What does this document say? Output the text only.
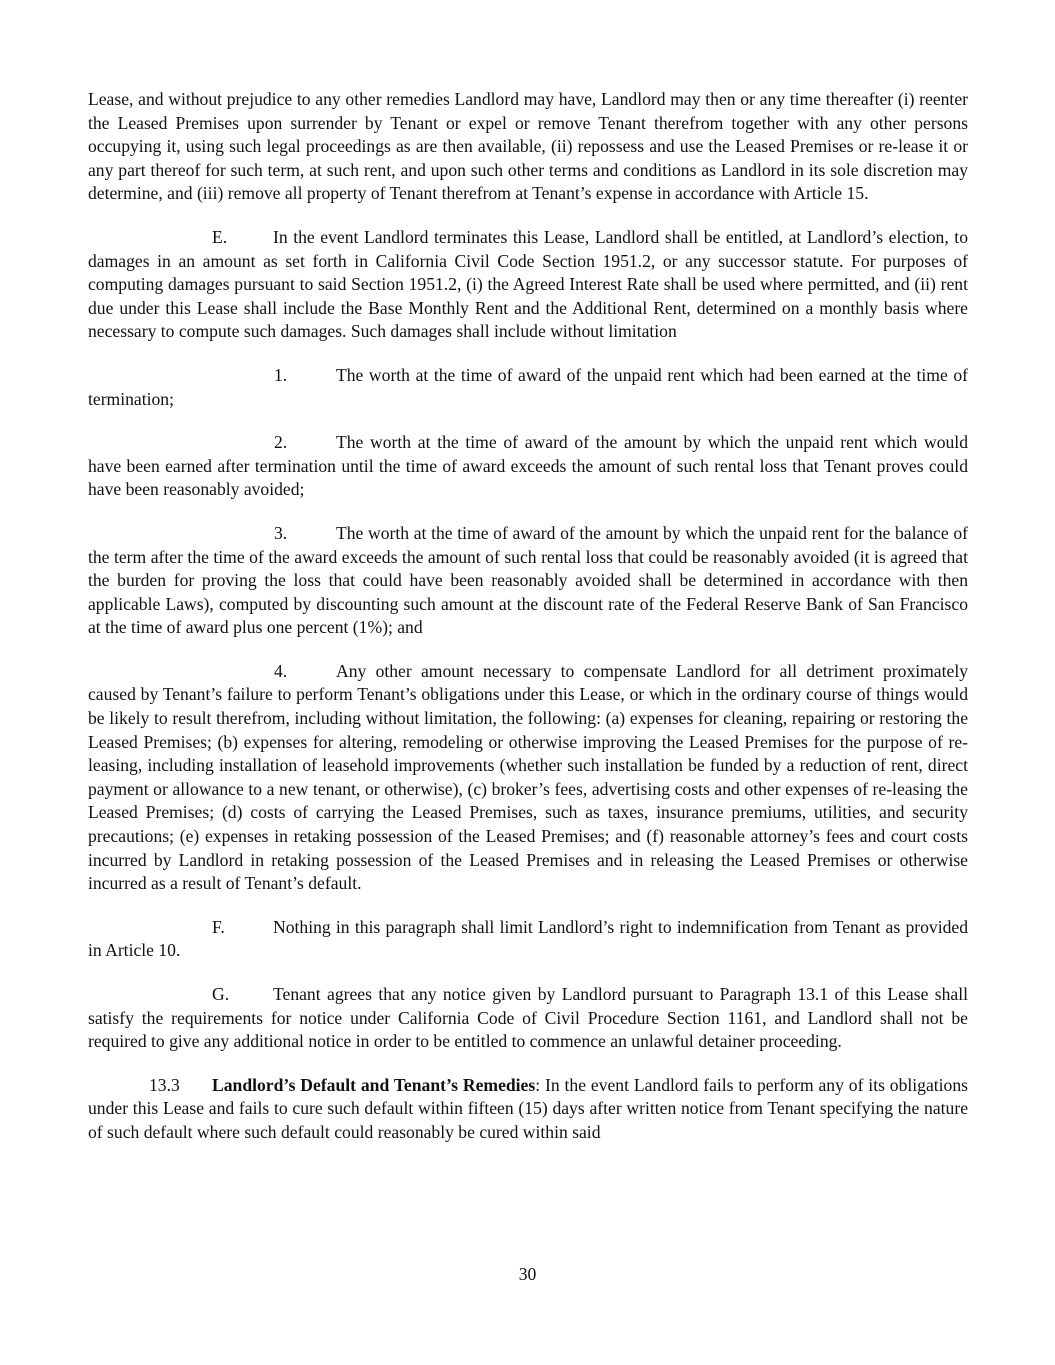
Lease, and without prejudice to any other remedies Landlord may have, Landlord may then or any time thereafter (i) reenter the Leased Premises upon surrender by Tenant or expel or remove Tenant therefrom together with any other persons occupying it, using such legal proceedings as are then available, (ii) repossess and use the Leased Premises or re-lease it or any part thereof for such term, at such rent, and upon such other terms and conditions as Landlord in its sole discretion may determine, and (iii) remove all property of Tenant therefrom at Tenant’s expense in accordance with Article 15.

E.	In the event Landlord terminates this Lease, Landlord shall be entitled, at Landlord’s election, to damages in an amount as set forth in California Civil Code Section 1951.2, or any successor statute. For purposes of computing damages pursuant to said Section 1951.2, (i) the Agreed Interest Rate shall be used where permitted, and (ii) rent due under this Lease shall include the Base Monthly Rent and the Additional Rent, determined on a monthly basis where necessary to compute such damages. Such damages shall include without limitation

1.	The worth at the time of award of the unpaid rent which had been earned at the time of termination;

2.	The worth at the time of award of the amount by which the unpaid rent which would have been earned after termination until the time of award exceeds the amount of such rental loss that Tenant proves could have been reasonably avoided;

3.	The worth at the time of award of the amount by which the unpaid rent for the balance of the term after the time of the award exceeds the amount of such rental loss that could be reasonably avoided (it is agreed that the burden for proving the loss that could have been reasonably avoided shall be determined in accordance with then applicable Laws), computed by discounting such amount at the discount rate of the Federal Reserve Bank of San Francisco at the time of award plus one percent (1%); and

4.	Any other amount necessary to compensate Landlord for all detriment proximately caused by Tenant’s failure to perform Tenant’s obligations under this Lease, or which in the ordinary course of things would be likely to result therefrom, including without limitation, the following: (a) expenses for cleaning, repairing or restoring the Leased Premises; (b) expenses for altering, remodeling or otherwise improving the Leased Premises for the purpose of re-leasing, including installation of leasehold improvements (whether such installation be funded by a reduction of rent, direct payment or allowance to a new tenant, or otherwise), (c) broker’s fees, advertising costs and other expenses of re-leasing the Leased Premises; (d) costs of carrying the Leased Premises, such as taxes, insurance premiums, utilities, and security precautions; (e) expenses in retaking possession of the Leased Premises; and (f) reasonable attorney’s fees and court costs incurred by Landlord in retaking possession of the Leased Premises and in releasing the Leased Premises or otherwise incurred as a result of Tenant’s default.

F.	Nothing in this paragraph shall limit Landlord’s right to indemnification from Tenant as provided in Article 10.

G. Tenant agrees that any notice given by Landlord pursuant to Paragraph 13.1 of this Lease shall satisfy the requirements for notice under California Code of Civil Procedure Section 1161, and Landlord shall not be required to give any additional notice in order to be entitled to commence an unlawful detainer proceeding.

13.3 Landlord’s Default and Tenant’s Remedies: In the event Landlord fails to perform any of its obligations under this Lease and fails to cure such default within fifteen (15) days after written notice from Tenant specifying the nature of such default where such default could reasonably be cured within said

30
